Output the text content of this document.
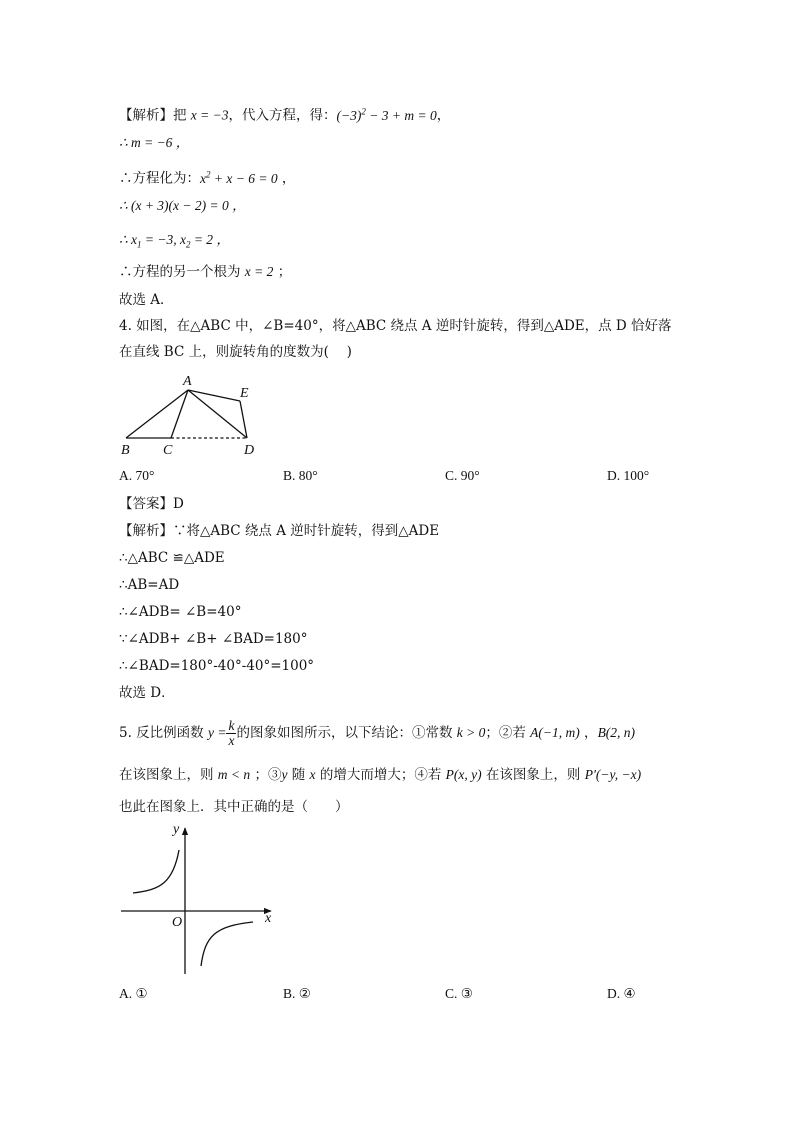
【解析】把 x = −3，代入方程，得：$(-3)^2 - 3 + m = 0$，
∴ m = −6 ，
∴方程化为：$x^2 + x - 6 = 0$ ，
∴ (x + 3)(x − 2) = 0 ，
∴ $x_1 = -3$, $x_2 = 2$ ，
∴方程的另一个根为 x = 2 ；
故选 A．
4. 如图，在△ABC 中，∠B=40°，将△ABC 绕点 A 逆时针旋转，得到△ADE，点 D 恰好落
在直线 BC 上，则旋转角的度数为(　 )
A
E
B C	D
A. 70°	B. 80°	C. 90°	D. 100°
【答案】D
【解析】∵将△ABC 绕点 A 逆时针旋转，得到△ADE
∴△ABC ≌△ADE
∴AB=AD
∴∠ADB= ∠B=40°
∵∠ADB+ ∠B+ ∠BAD=180°
∴∠BAD=180°-40°-40°=100°
故选 D．
5. 反比例函数 $y = \frac{k}{x}$ 的图象如图所示，以下结论：①常数 k > 0；②若 A(−1, m) ，B(2, n)
在该图象上，则 m < n ；③y 随 x 的增大而增大；④若 P(x, y) 在该图象上，则 P′(−y, −x)
也此在图象上．其中正确的是（　　）
y
x
O
A. ①	B. ②	C. ③	D. ④
